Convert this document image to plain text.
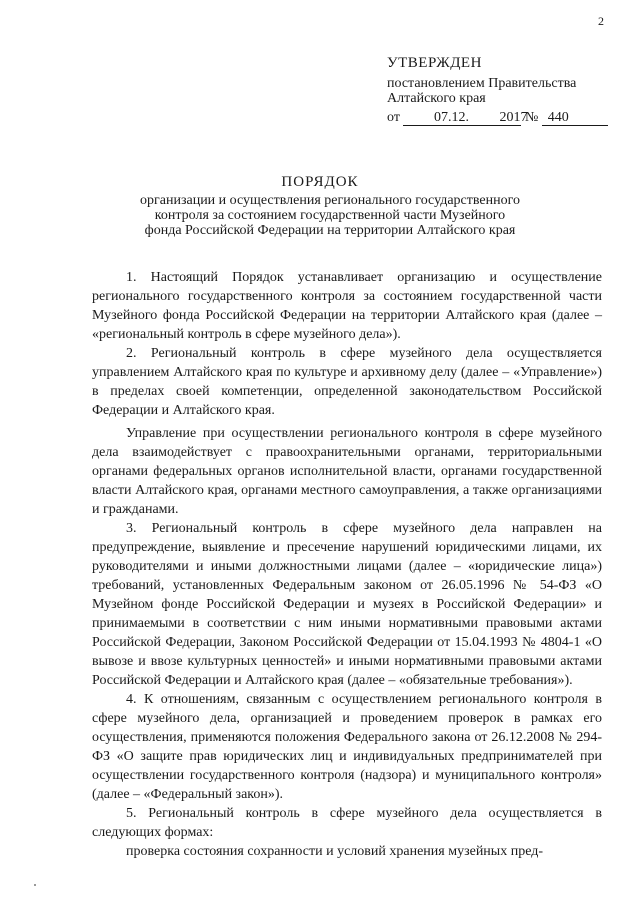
2
УТВЕРЖДЕН
постановлением Правительства
Алтайского края
от 07.12. 2017 № 440
ПОРЯДОК
организации и осуществления регионального государственного контроля за состоянием государственной части Музейного фонда Российской Федерации на территории Алтайского края

1. Настоящий Порядок устанавливает организацию и осуществление регионального государственного контроля за состоянием государственной части Музейного фонда Российской Федерации на территории Алтайского края (далее – «региональный контроль в сфере музейного дела»).

2. Региональный контроль в сфере музейного дела осуществляется управлением Алтайского края по культуре и архивному делу (далее – «Управление») в пределах своей компетенции, определенной законодательством Российской Федерации и Алтайского края.

Управление при осуществлении регионального контроля в сфере музейного дела взаимодействует с правоохранительными органами, территориальными органами федеральных органов исполнительной власти, органами государственной власти Алтайского края, органами местного самоуправления, а также организациями и гражданами.

3. Региональный контроль в сфере музейного дела направлен на предупреждение, выявление и пресечение нарушений юридическими лицами, их руководителями и иными должностными лицами (далее – «юридические лица») требований, установленных Федеральным законом от 26.05.1996 № 54-ФЗ «О Музейном фонде Российской Федерации и музеях в Российской Федерации» и принимаемыми в соответствии с ним иными нормативными правовыми актами Российской Федерации, Законом Российской Федерации от 15.04.1993 № 4804-1 «О вывозе и ввозе культурных ценностей» и иными нормативными правовыми актами Российской Федерации и Алтайского края (далее – «обязательные требования»).

4. К отношениям, связанным с осуществлением регионального контроля в сфере музейного дела, организацией и проведением проверок в рамках его осуществления, применяются положения Федерального закона от 26.12.2008 № 294-ФЗ «О защите прав юридических лиц и индивидуальных предпринимателей при осуществлении государственного контроля (надзора) и муниципального контроля» (далее – «Федеральный закон»).

5. Региональный контроль в сфере музейного дела осуществляется в следующих формах:

проверка состояния сохранности и условий хранения музейных пред-
